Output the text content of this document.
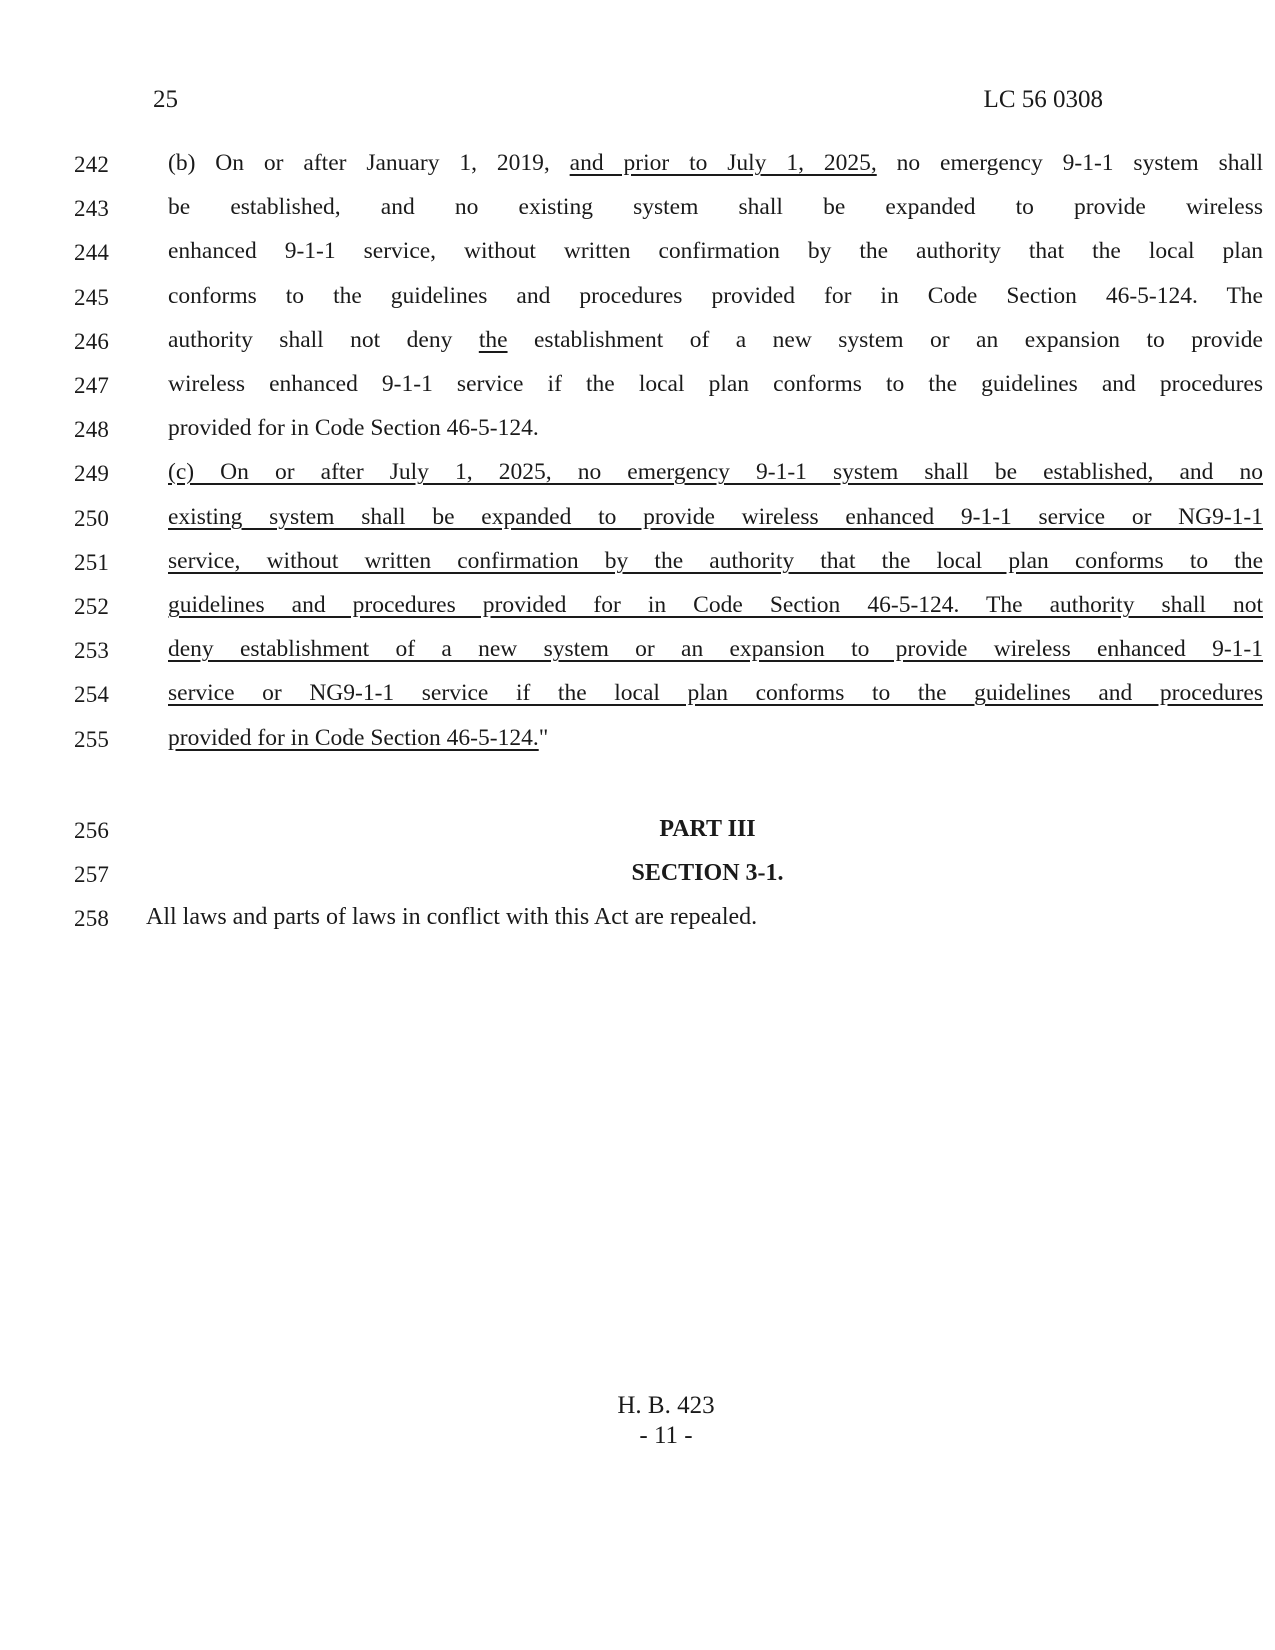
25	LC 56 0308
242	(b) On or after January 1, 2019, and prior to July 1, 2025, no emergency 9-1-1 system shall
243	be established, and no existing system shall be expanded to provide wireless
244	enhanced 9-1-1 service, without written confirmation by the authority that the local plan
245	conforms to the guidelines and procedures provided for in Code Section 46-5-124. The
246	authority shall not deny the establishment of a new system or an expansion to provide
247	wireless enhanced 9-1-1 service if the local plan conforms to the guidelines and procedures
248	provided for in Code Section 46-5-124.
249	(c) On or after July 1, 2025, no emergency 9-1-1 system shall be established, and no
250	existing system shall be expanded to provide wireless enhanced 9-1-1 service or NG9-1-1
251	service, without written confirmation by the authority that the local plan conforms to the
252	guidelines and procedures provided for in Code Section 46-5-124. The authority shall not
253	deny establishment of a new system or an expansion to provide wireless enhanced 9-1-1
254	service or NG9-1-1 service if the local plan conforms to the guidelines and procedures
255	provided for in Code Section 46-5-124."
256	PART III
257	SECTION 3-1.
258 All laws and parts of laws in conflict with this Act are repealed.
H. B. 423
- 11 -
